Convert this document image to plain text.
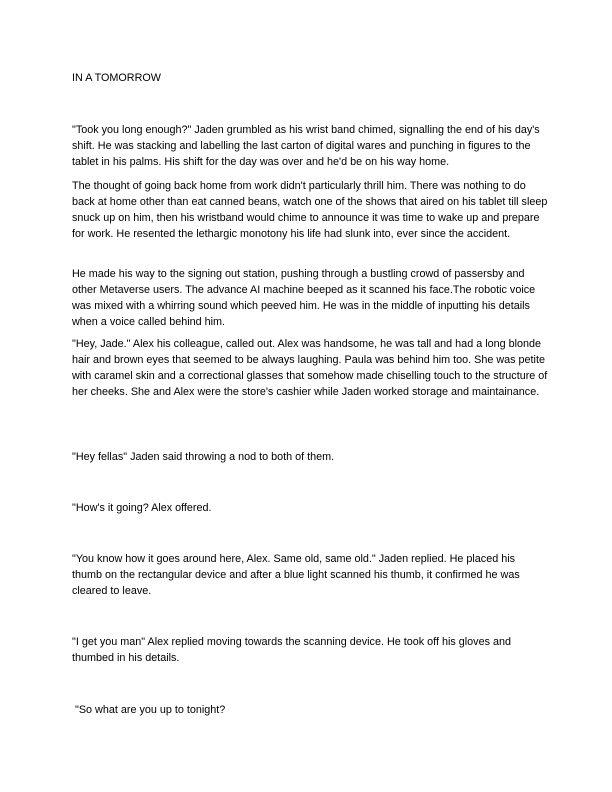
IN A TOMORROW

"Took you long enough?" Jaden grumbled as his wrist band chimed, signalling the end of his day's shift. He was stacking and labelling the last carton of digital wares and punching in figures to the tablet in his palms. His shift for the day was over and he'd be on his way home.

The thought of going back home from work didn't particularly thrill him. There was nothing to do back at home other than eat canned beans, watch one of the shows that aired on his tablet till sleep snuck up on him, then his wristband would chime to announce it was time to wake up and prepare for work. He resented the lethargic monotony his life had slunk into, ever since the accident.

He made his way to the signing out station, pushing through a bustling crowd of passersby and other Metaverse users. The advance AI machine beeped as it scanned his face.The robotic voice was mixed with a whirring sound which peeved him. He was in the middle of inputting his details when a voice called behind him.

"Hey, Jade." Alex his colleague, called out. Alex was handsome, he was tall and had a long blonde hair and brown eyes that seemed to be always laughing. Paula was behind him too. She was petite with caramel skin and a correctional glasses that somehow made chiselling touch to the structure of her cheeks. She and Alex were the store's cashier while Jaden worked storage and maintainance.

"Hey fellas" Jaden said throwing a nod to both of them.

"How's it going? Alex offered.

"You know how it goes around here, Alex. Same old, same old." Jaden replied. He placed his thumb on the rectangular device and after a blue light scanned his thumb, it confirmed he was cleared to leave.

"I get you man" Alex replied moving towards the scanning device. He took off his gloves and thumbed in his details.

"So what are you up to tonight?
